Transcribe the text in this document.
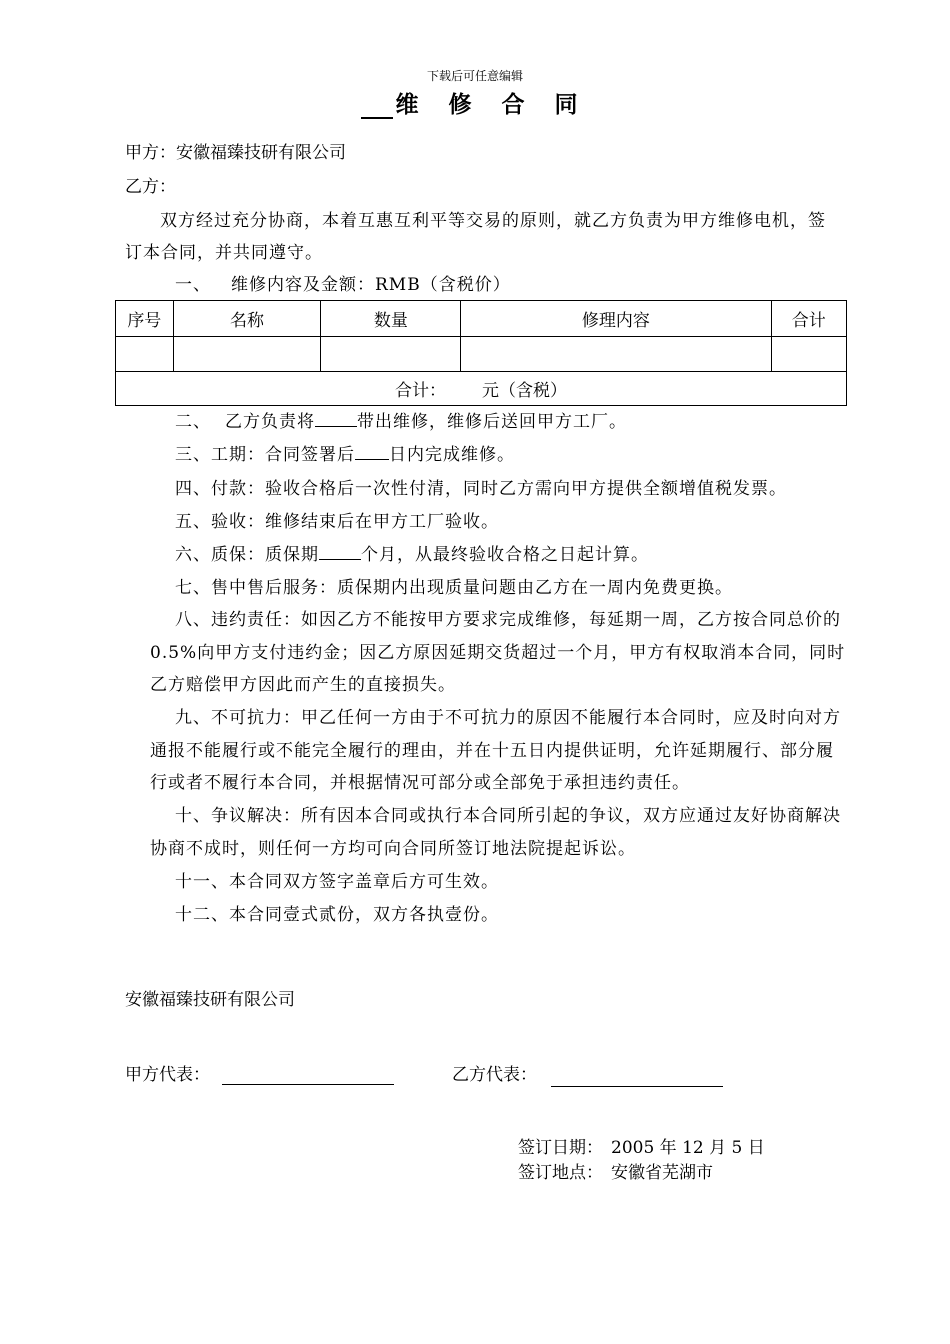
下载后可任意编辑
维 修 合 同
甲方：安徽福臻技研有限公司
乙方：
双方经过充分协商，本着互惠互利平等交易的原则，就乙方负责为甲方维修电机，签
订本合同，并共同遵守。
一、 维修内容及金额：RMB（含税价）
序号	名称	数量	修理内容	合计

合计： 元（含税）				
二、 乙方负责将 带出维修，维修后送回甲方工厂。
三、工期：合同签署后 日内完成维修。
四、付款：验收合格后一次性付清，同时乙方需向甲方提供全额增值税发票。
五、验收：维修结束后在甲方工厂验收。
六、质保：质保期 个月，从最终验收合格之日起计算。
七、售中售后服务：质保期内出现质量问题由乙方在一周内免费更换。
八、违约责任：如因乙方不能按甲方要求完成维修，每延期一周，乙方按合同总价的
0.5%向甲方支付违约金；因乙方原因延期交货超过一个月，甲方有权取消本合同，同时
乙方赔偿甲方因此而产生的直接损失。
九、不可抗力：甲乙任何一方由于不可抗力的原因不能履行本合同时，应及时向对方
通报不能履行或不能完全履行的理由，并在十五日内提供证明，允许延期履行、部分履
行或者不履行本合同，并根据情况可部分或全部免于承担违约责任。
十、争议解决：所有因本合同或执行本合同所引起的争议，双方应通过友好协商解决
协商不成时，则任何一方均可向合同所签订地法院提起诉讼。
十一、本合同双方签字盖章后方可生效。
十二、本合同壹式贰份，双方各执壹份。
安徽福臻技研有限公司
甲方代表：	乙方代表：
签订日期： 2005 年 12 月 5 日
签订地点： 安徽省芜湖市
